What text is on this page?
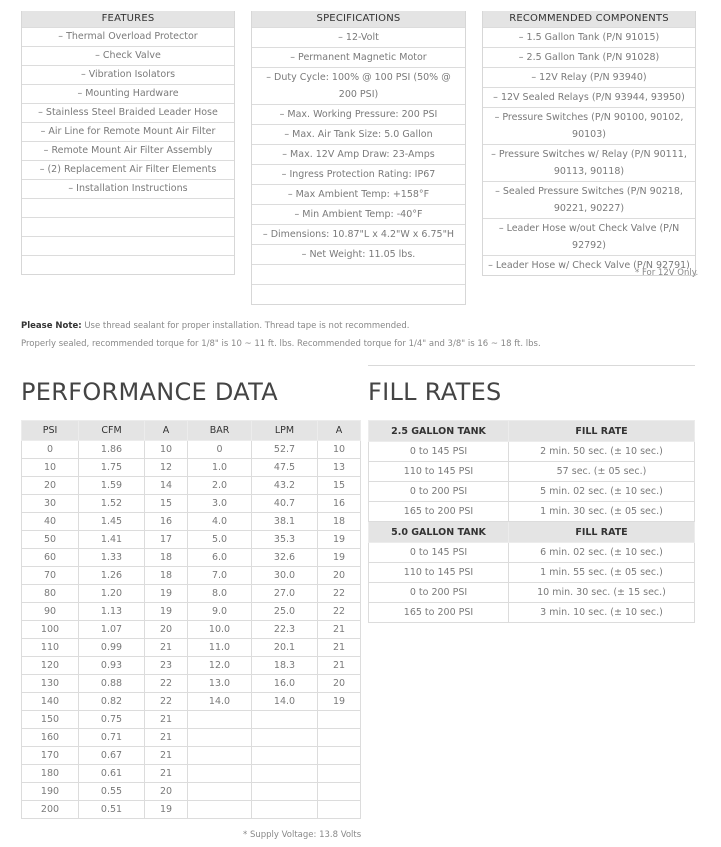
FEATURES
– Thermal Overload Protector
– Check Valve
– Vibration Isolators
– Mounting Hardware
– Stainless Steel Braided Leader Hose
– Air Line for Remote Mount Air Filter
– Remote Mount Air Filter Assembly
– (2) Replacement Air Filter Elements
– Installation Instructions
SPECIFICATIONS
– 12-Volt
– Permanent Magnetic Motor
– Duty Cycle: 100% @ 100 PSI (50% @ 200 PSI)
– Max. Working Pressure: 200 PSI
– Max. Air Tank Size: 5.0 Gallon
– Max. 12V Amp Draw: 23-Amps
– Ingress Protection Rating: IP67
– Max Ambient Temp: +158°F
– Min Ambient Temp: -40°F
– Dimensions: 10.87"L x 4.2"W x 6.75"H
– Net Weight: 11.05 lbs.
RECOMMENDED COMPONENTS
– 1.5 Gallon Tank (P/N 91015)
– 2.5 Gallon Tank (P/N 91028)
– 12V Relay (P/N 93940)
– 12V Sealed Relays (P/N 93944, 93950)
– Pressure Switches (P/N 90100, 90102, 90103)
– Pressure Switches w/ Relay (P/N 90111, 90113, 90118)
– Sealed Pressure Switches (P/N 90218, 90221, 90227)
– Leader Hose w/out Check Valve (P/N 92792)
– Leader Hose w/ Check Valve (P/N 92791)
* For 12V Only.
Please Note: Use thread sealant for proper installation. Thread tape is not recommended.
Properly sealed, recommended torque for 1/8" is 10 ~ 11 ft. lbs. Recommended torque for 1/4" and 3/8" is 16 ~ 18 ft. lbs.
PERFORMANCE DATA	FILL RATES
PSI	CFM	A	BAR	LPM	A
0	1.86	10	0	52.7	10
10	1.75	12	1.0	47.5	13
20	1.59	14	2.0	43.2	15
30	1.52	15	3.0	40.7	16
40	1.45	16	4.0	38.1	18
50	1.41	17	5.0	35.3	19
60	1.33	18	6.0	32.6	19
70	1.26	18	7.0	30.0	20
80	1.20	19	8.0	27.0	22
90	1.13	19	9.0	25.0	22
100	1.07	20	10.0	22.3	21
110	0.99	21	11.0	20.1	21
120	0.93	23	12.0	18.3	21
130	0.88	22	13.0	16.0	20
140	0.82	22	14.0	14.0	19
150	0.75	21			
160	0.71	21			
170	0.67	21			
180	0.61	21			
190	0.55	20			
200	0.51	19			
* Supply Voltage: 13.8 Volts
2.5 GALLON TANK	FILL RATE
0 to 145 PSI	2 min. 50 sec. (± 10 sec.)
110 to 145 PSI	57 sec. (± 05 sec.)
0 to 200 PSI	5 min. 02 sec. (± 10 sec.)
165 to 200 PSI	1 min. 30 sec. (± 05 sec.)
5.0 GALLON TANK	FILL RATE
0 to 145 PSI	6 min. 02 sec. (± 10 sec.)
110 to 145 PSI	1 min. 55 sec. (± 05 sec.)
0 to 200 PSI	10 min. 30 sec. (± 15 sec.)
165 to 200 PSI	3 min. 10 sec. (± 10 sec.)
